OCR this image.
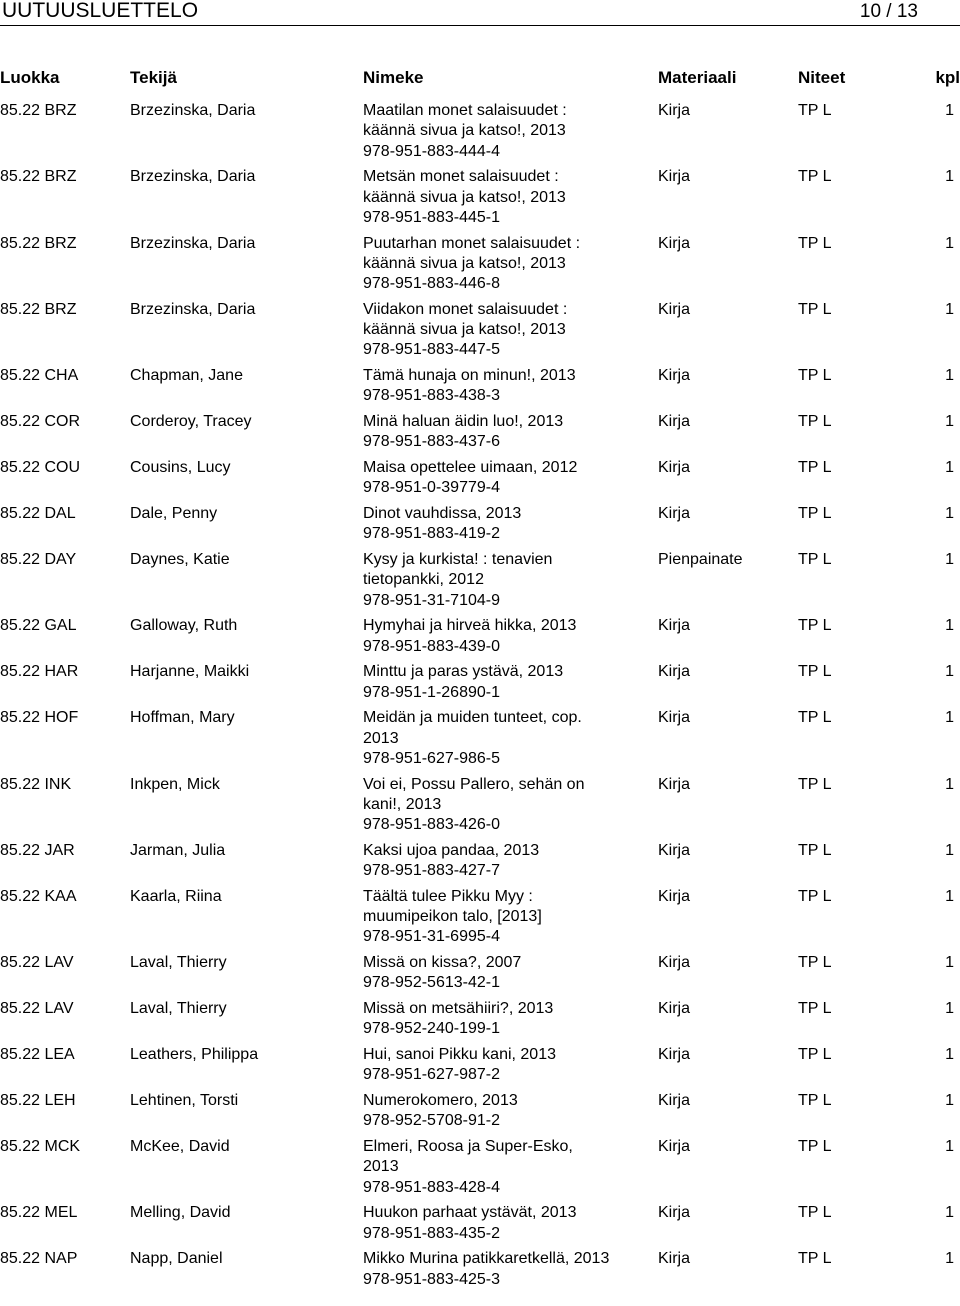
UUTUUSLUETTELO	10 / 13
Luokka	Tekijä	Nimeke	Materiaali	Niteet	kpl
85.22 BRZ	Brzezinska, Daria	Maatilan monet salaisuudet :
käännä sivua ja katso!, 2013
978-951-883-444-4
Kirja	TP L	1
85.22 BRZ	Brzezinska, Daria	Metsän monet salaisuudet :
käännä sivua ja katso!, 2013
978-951-883-445-1
Kirja	TP L	1
85.22 BRZ	Brzezinska, Daria	Puutarhan monet salaisuudet :
käännä sivua ja katso!, 2013
978-951-883-446-8
Kirja	TP L	1
85.22 BRZ	Brzezinska, Daria	Viidakon monet salaisuudet :
käännä sivua ja katso!, 2013
978-951-883-447-5
Kirja	TP L	1
85.22 CHA	Chapman, Jane	Tämä hunaja on minun!, 2013
978-951-883-438-3
Kirja	TP L	1
85.22 COR	Corderoy, Tracey	Minä haluan äidin luo!, 2013
978-951-883-437-6
Kirja	TP L	1
85.22 COU	Cousins, Lucy	Maisa opettelee uimaan, 2012
978-951-0-39779-4
Kirja	TP L	1
85.22 DAL	Dale, Penny	Dinot vauhdissa, 2013
978-951-883-419-2
Kirja	TP L	1
85.22 DAY	Daynes, Katie	Kysy ja kurkista! : tenavien
tietopankki, 2012
978-951-31-7104-9
Pienpainate	TP L	1
85.22 GAL	Galloway, Ruth	Hymyhai ja hirveä hikka, 2013
978-951-883-439-0
Kirja	TP L	1
85.22 HAR	Harjanne, Maikki	Minttu ja paras ystävä, 2013
978-951-1-26890-1
Kirja	TP L	1
85.22 HOF	Hoffman, Mary	Meidän ja muiden tunteet, cop.
2013
978-951-627-986-5
Kirja	TP L	1
85.22 INK	Inkpen, Mick	Voi ei, Possu Pallero, sehän on
kani!, 2013
978-951-883-426-0
Kirja	TP L	1
85.22 JAR	Jarman, Julia	Kaksi ujoa pandaa, 2013
978-951-883-427-7
Kirja	TP L	1
85.22 KAA	Kaarla, Riina	Täältä tulee Pikku Myy :
muumipeikon talo, [2013]
978-951-31-6995-4
Kirja	TP L	1
85.22 LAV	Laval, Thierry	Missä on kissa?, 2007
978-952-5613-42-1
Kirja	TP L	1
85.22 LAV	Laval, Thierry	Missä on metsähiiri?, 2013
978-952-240-199-1
Kirja	TP L	1
85.22 LEA	Leathers, Philippa	Hui, sanoi Pikku kani, 2013
978-951-627-987-2
Kirja	TP L	1
85.22 LEH	Lehtinen, Torsti	Numerokomero, 2013
978-952-5708-91-2
Kirja	TP L	1
85.22 MCK	McKee, David	Elmeri, Roosa ja Super-Esko,
2013
978-951-883-428-4
Kirja	TP L	1
85.22 MEL	Melling, David	Huukon parhaat ystävät, 2013
978-951-883-435-2
Kirja	TP L	1
85.22 NAP	Napp, Daniel	Mikko Murina patikkaretkellä, 2013
978-951-883-425-3
Kirja	TP L	1
